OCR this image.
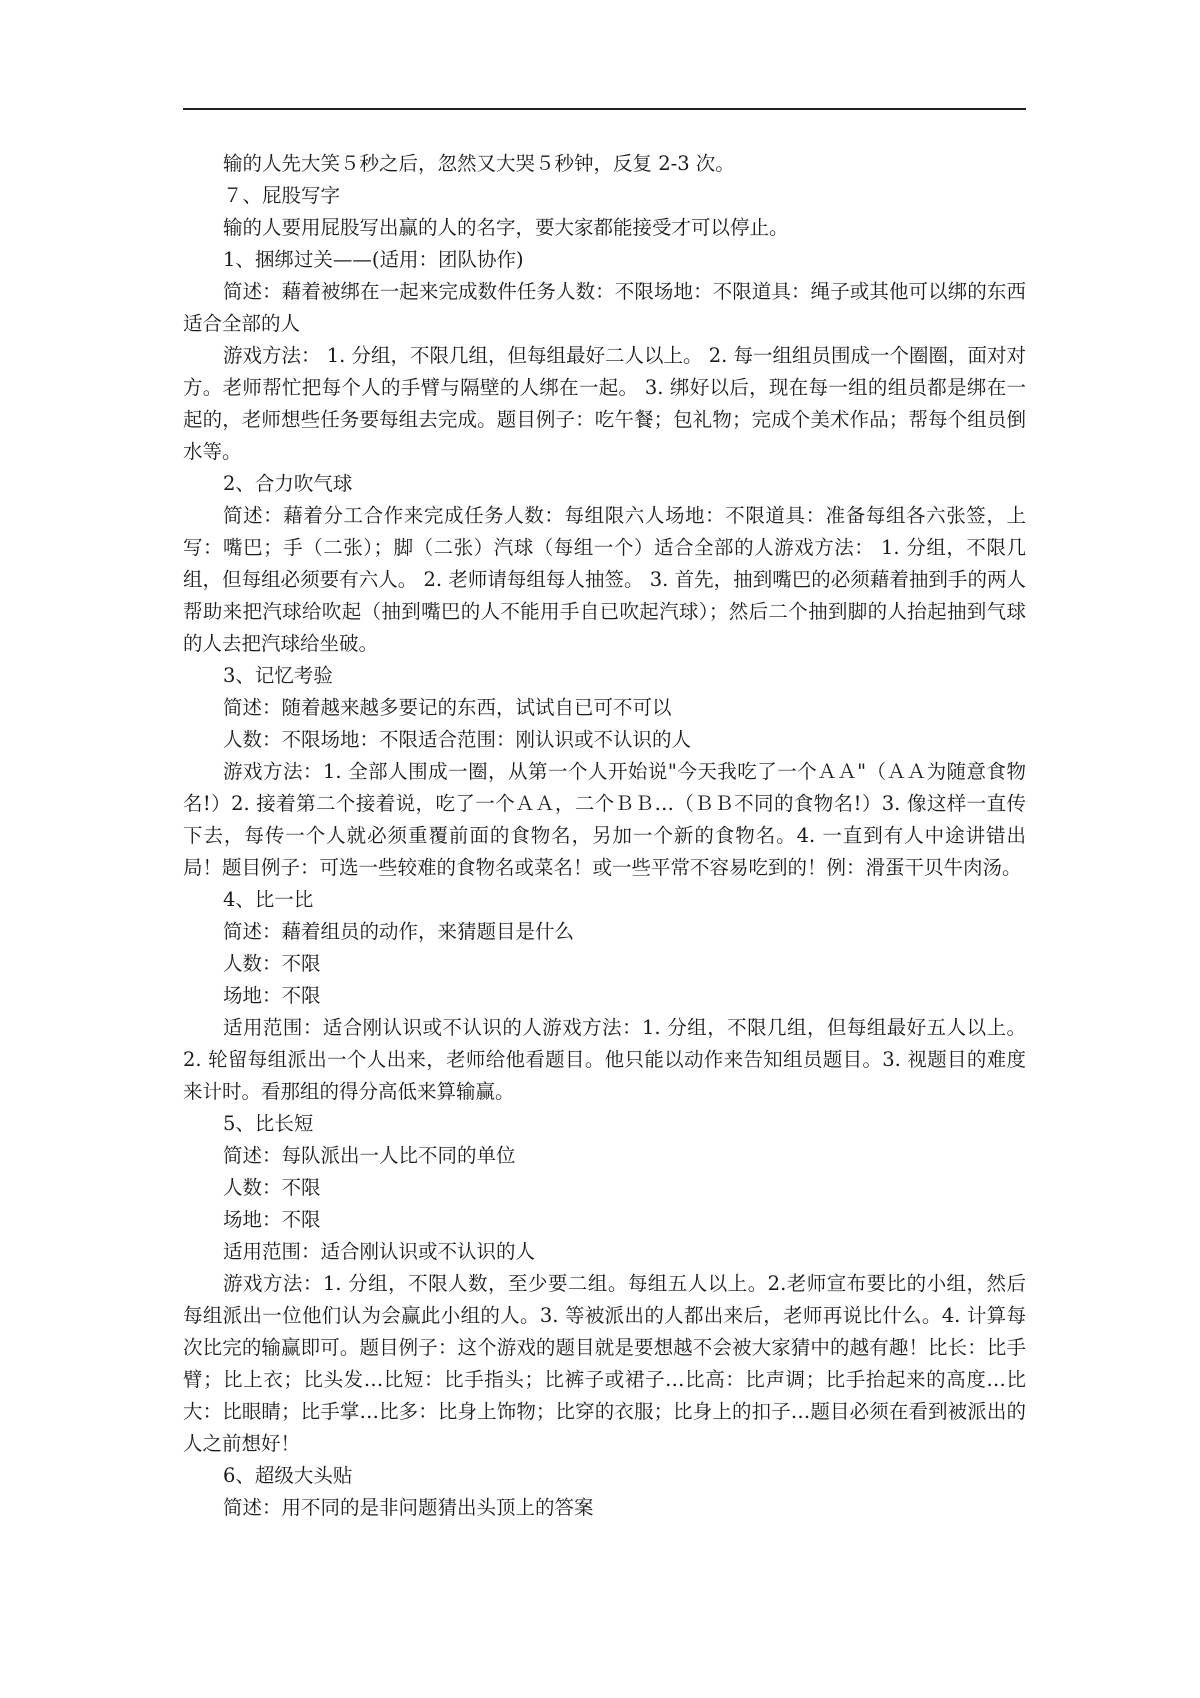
输的人先大笑５秒之后，忽然又大哭５秒钟，反复 2-3 次。

７、屁股写字

输的人要用屁股写出赢的人的名字，要大家都能接受才可以停止。

1、捆绑过关——(适用：团队协作)

简述：藉着被绑在一起来完成数件任务人数：不限场地：不限道具：绳子或其他可以绑的东西适合全部的人

游戏方法： 1. 分组，不限几组，但每组最好二人以上。 2. 每一组组员围成一个圈圈，面对对方。老师帮忙把每个人的手臂与隔壁的人绑在一起。 3. 绑好以后，现在每一组的组员都是绑在一起的，老师想些任务要每组去完成。题目例子：吃午餐；包礼物；完成个美术作品；帮每个组员倒水等。

2、合力吹气球

简述：藉着分工合作来完成任务人数：每组限六人场地：不限道具：准备每组各六张签，上写：嘴巴；手（二张）；脚（二张）汽球（每组一个）适合全部的人游戏方法： 1. 分组，不限几组，但每组必须要有六人。 2. 老师请每组每人抽签。 3. 首先，抽到嘴巴的必须藉着抽到手的两人帮助来把汽球给吹起（抽到嘴巴的人不能用手自已吹起汽球）；然后二个抽到脚的人抬起抽到气球的人去把汽球给坐破。

3、记忆考验

简述：随着越来越多要记的东西，试试自已可不可以

人数：不限场地：不限适合范围：刚认识或不认识的人

游戏方法：1. 全部人围成一圈，从第一个人开始说"今天我吃了一个ＡＡ"（ＡＡ为随意食物名!）2. 接着第二个接着说，吃了一个ＡＡ，二个ＢＢ…（ＢＢ不同的食物名!）3. 像这样一直传下去，每传一个人就必须重覆前面的食物名，另加一个新的食物名。4. 一直到有人中途讲错出局！题目例子：可选一些较难的食物名或菜名！或一些平常不容易吃到的！例：滑蛋干贝牛肉汤。

4、比一比

简述：藉着组员的动作，来猜题目是什么

人数：不限

场地：不限

适用范围：适合刚认识或不认识的人游戏方法：1. 分组，不限几组，但每组最好五人以上。2. 轮留每组派出一个人出来，老师给他看题目。他只能以动作来告知组员题目。3. 视题目的难度来计时。看那组的得分高低来算输赢。

5、比长短

简述：每队派出一人比不同的单位

人数：不限

场地：不限

适用范围：适合刚认识或不认识的人

游戏方法：1. 分组，不限人数，至少要二组。每组五人以上。2.老师宣布要比的小组，然后每组派出一位他们认为会赢此小组的人。3. 等被派出的人都出来后，老师再说比什么。4. 计算每次比完的输赢即可。题目例子：这个游戏的题目就是要想越不会被大家猜中的越有趣！比长：比手臂；比上衣；比头发…比短：比手指头；比裤子或裙子…比高：比声调；比手抬起来的高度…比大：比眼睛；比手掌…比多：比身上饰物；比穿的衣服；比身上的扣子…题目必须在看到被派出的人之前想好！

6、超级大头贴

简述：用不同的是非问题猜出头顶上的答案
